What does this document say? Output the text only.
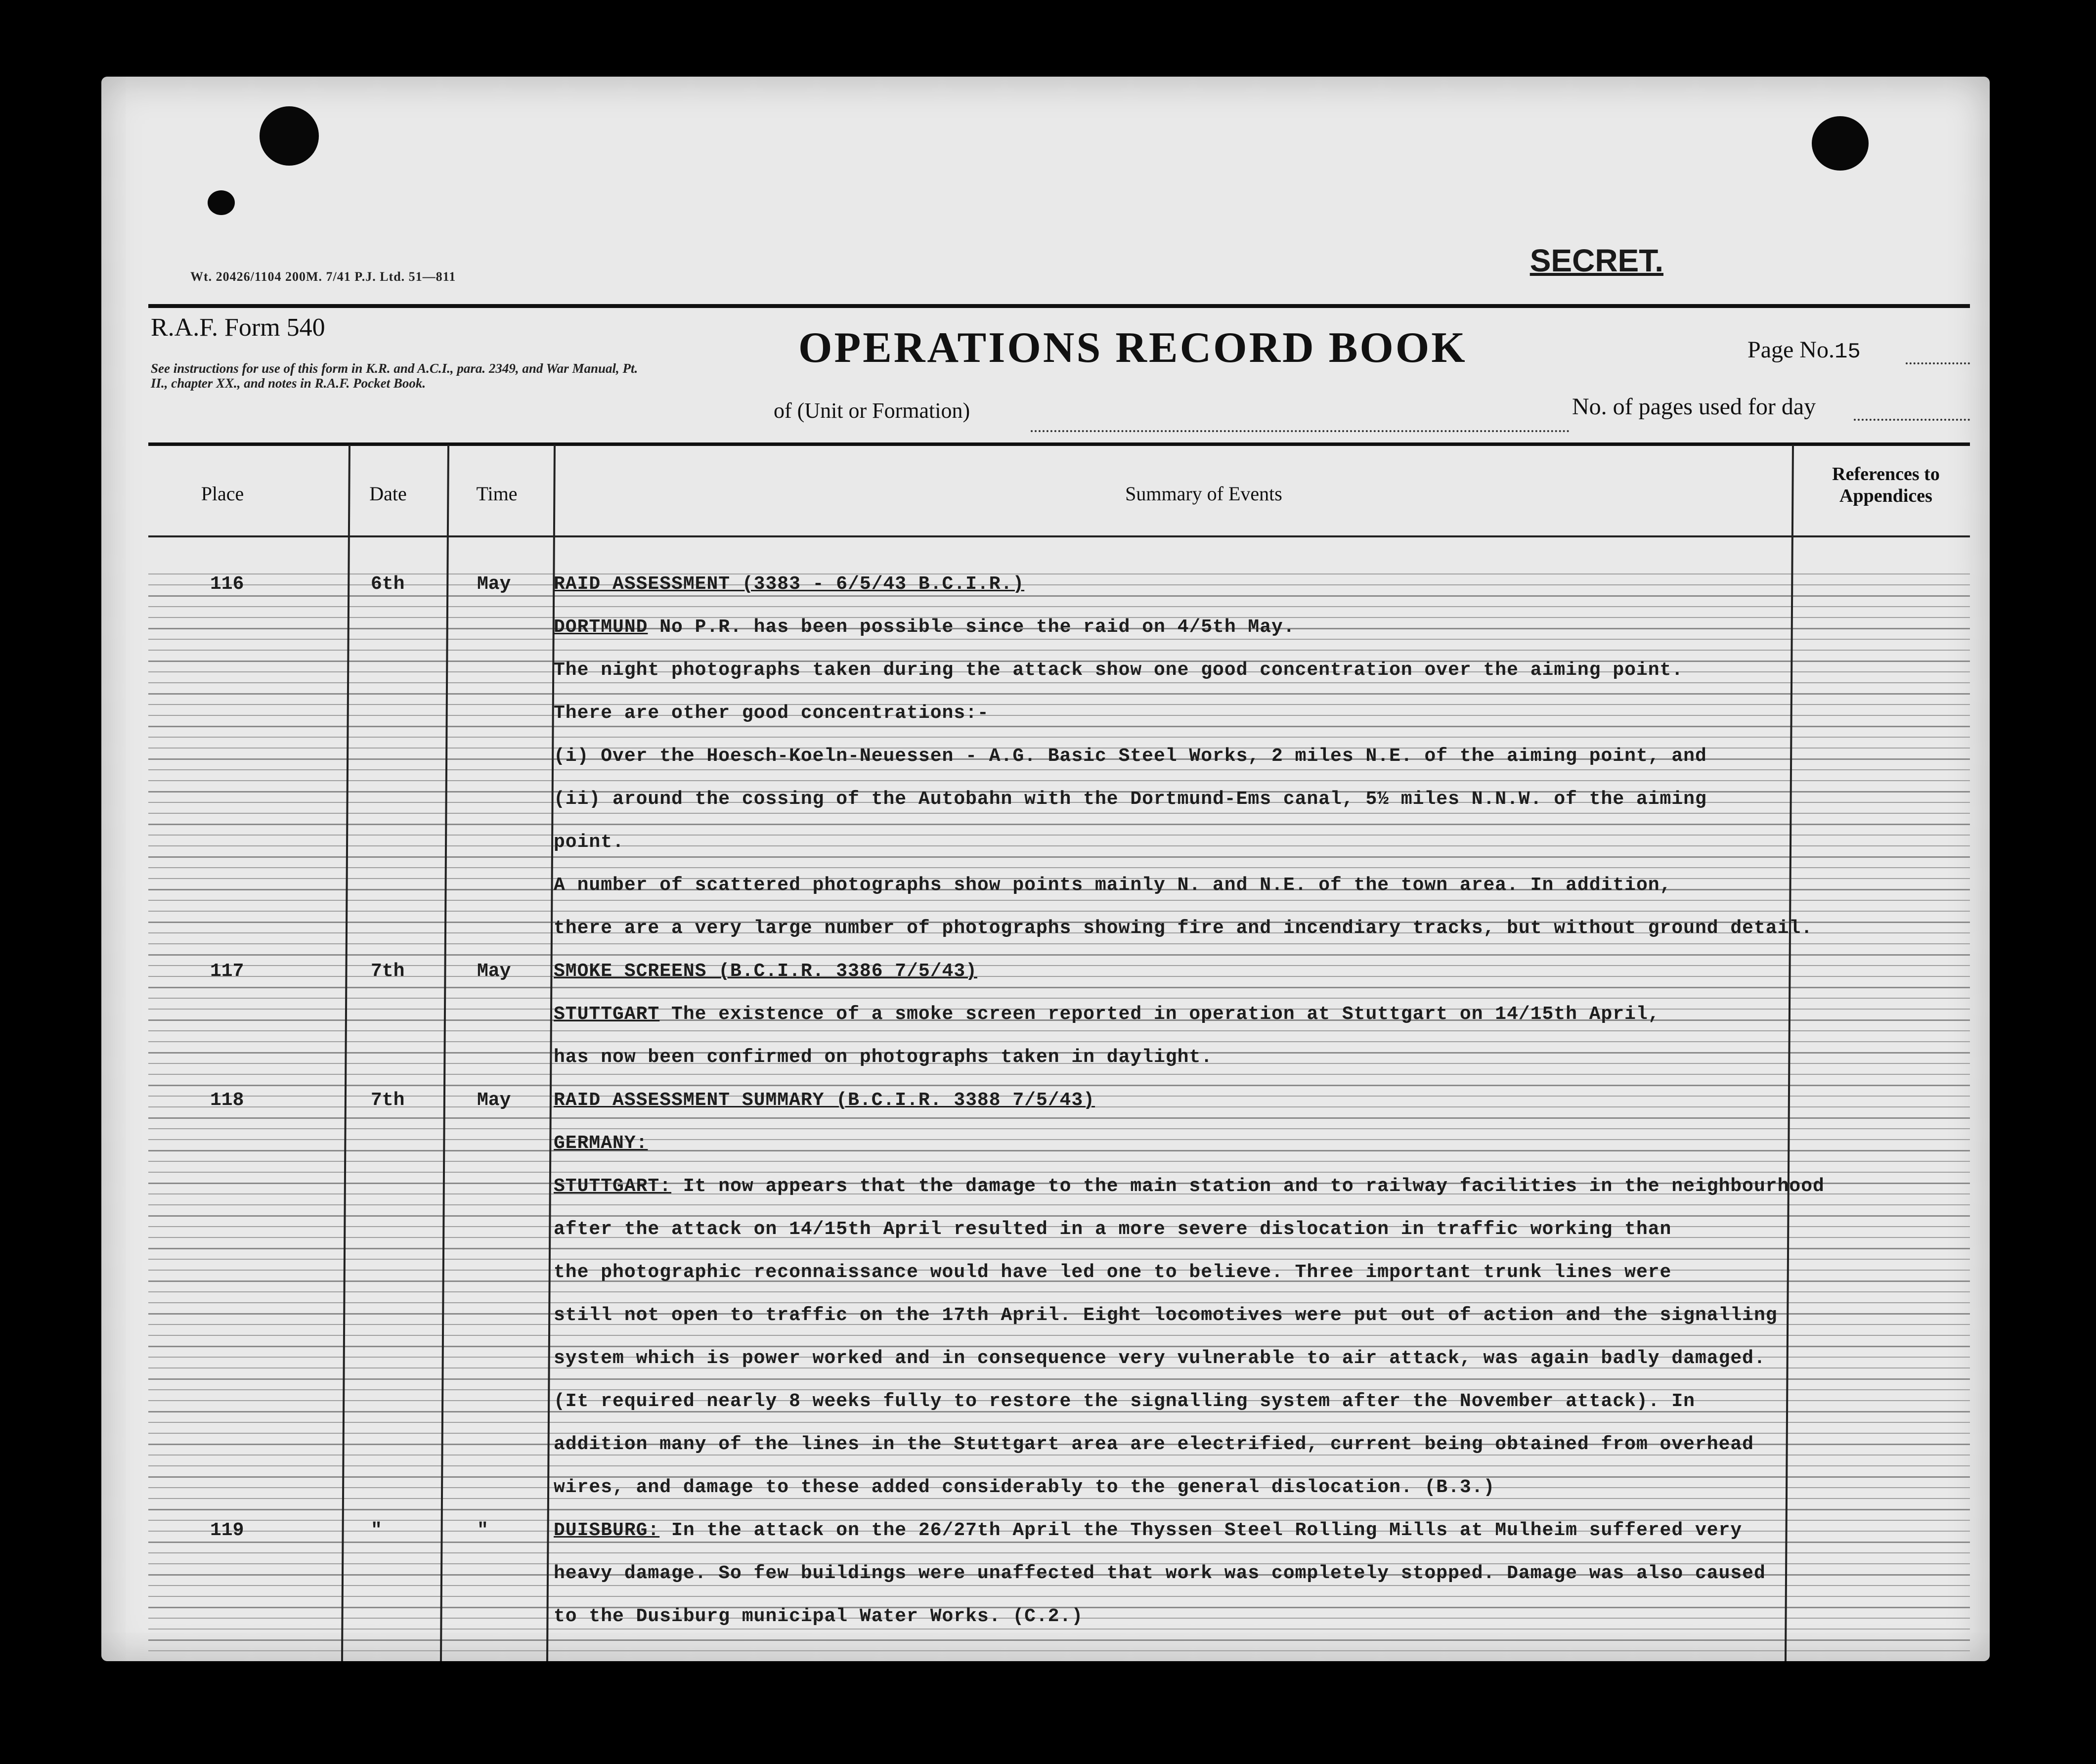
Wt. 20426/1104 200M. 7/41 P.J. Ltd. 51—811	SECRET.
R.A.F. Form 540
See instructions for use of this form in K.R. and A.C.I., para. 2349, and War Manual, Pt. II., chapter XX., and notes in R.A.F. Pocket Book.
OPERATIONS RECORD BOOK
of (Unit or Formation)
Page No.15
No. of pages used for day
Place	Date	Time	Summary of Events
References to Appendices
116	6th	May RAID ASSESSMENT (3383 - 6/5/43 B.C.I.R.)
DORTMUND No P.R. has been possible since the raid on 4/5th May.
The night photographs taken during the attack show one good concentration over the aiming point.
There are other good concentrations:-
(i) Over the Hoesch-Koeln-Neuessen - A.G. Basic Steel Works, 2 miles N.E. of the aiming point, and
(ii) around the cossing of the Autobahn with the Dortmund-Ems canal, 5½ miles N.N.W. of the aiming
point.
A number of scattered photographs show points mainly N. and N.E. of the town area. In addition,
there are a very large number of photographs showing fire and incendiary tracks, but without ground detail.
117	7th	May SMOKE SCREENS (B.C.I.R. 3386 7/5/43)
STUTTGART The existence of a smoke screen reported in operation at Stuttgart on 14/15th April,
has now been confirmed on photographs taken in daylight.
118	7th	May RAID ASSESSMENT SUMMARY (B.C.I.R. 3388 7/5/43)
GERMANY:
STUTTGART: It now appears that the damage to the main station and to railway facilities in the neighbourhood
after the attack on 14/15th April resulted in a more severe dislocation in traffic working than
the photographic reconnaissance would have led one to believe. Three important trunk lines were
still not open to traffic on the 17th April. Eight locomotives were put out of action and the signalling
system which is power worked and in consequence very vulnerable to air attack, was again badly damaged.
(It required nearly 8 weeks fully to restore the signalling system after the November attack). In
addition many of the lines in the Stuttgart area are electrified, current being obtained from overhead
wires, and damage to these added considerably to the general dislocation. (B.3.)
119	"	"	DUISBURG: In the attack on the 26/27th April the Thyssen Steel Rolling Mills at Mulheim suffered very
heavy damage. So few buildings were unaffected that work was completely stopped. Damage was also caused
to the Dusiburg municipal Water Works. (C.2.)
